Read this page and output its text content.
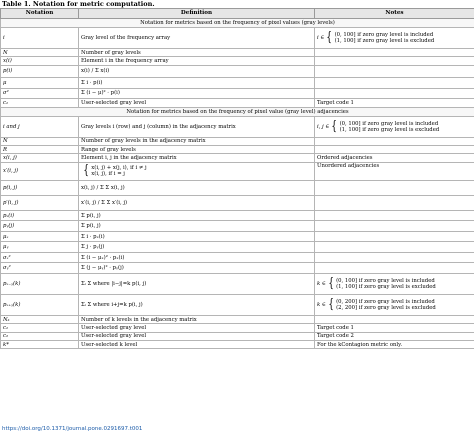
Table 1. Notation for metric computation.
Notation	Definition	Notes
Notation for metrics based on the frequency of pixel values (gray levels)		
i	Gray level of the frequency array	i ∈ { (0, 100] if zero gray level is included
(1, 100] if zero gray level is excluded

N	Number of gray levels	
x(i)	Element i in the frequency array	
p(i)	x(i) / Σ x(i)	
μ	Σ i · p(i)	
σ²	Σ (i − μ)² · p(i)	
c₁	User-selected gray level	Target code 1
Notation for metrics based on the frequency of pixel value (gray level) adjacencies		
i and j	Gray levels i (row) and j (column) in the adjacency matrix	i, j ∈ { (0, 100] if zero gray level is included
(1, 100] if zero gray level is excluded

N	Number of gray levels in the adjacency matrix	
R	Range of gray levels	
x(i, j)	Element i, j in the adjacency matrix	Ordered adjacencies
x′(i, j)	{ x(i, j) + x(j, i), if i ≠ j
x(i, j), if i = j	Unordered adjacencies
p(i, j)	x(i, j) / Σ Σ x(i, j)	
p′(i, j)	x′(i, j) / Σ Σ x′(i, j)	
pₓ(i)	Σ p(i, j)	
pᵧ(j)	Σ p(i, j)	
μₓ	Σ i · pₓ(i)	
μᵧ	Σ j · pᵧ(j)	
σₓ²	Σ (i − μₓ)² · pₓ(i)	
σᵧ²	Σ (j − μᵧ)² · pᵧ(j)	
pₓ₋ᵧ(k)	Σᵢ Σ where |i−j|=k p(i, j)	k ∈ { (0, 100] if zero gray level is included
(1, 100] if zero gray level is excluded

pₓ₊ᵧ(k)	Σᵢ Σ where i+j=k p(i, j)	k ∈ { (0, 200] if zero gray level is included
(2, 200] if zero gray level is excluded

Nₖ	Number of k levels in the adjacency matrix	
c₁	User-selected gray level	Target code 1
c₂	User-selected gray level	Target code 2
k*	User-selected k level	For the kContagion metric only.
https://doi.org/10.1371/journal.pone.0291697.t001
